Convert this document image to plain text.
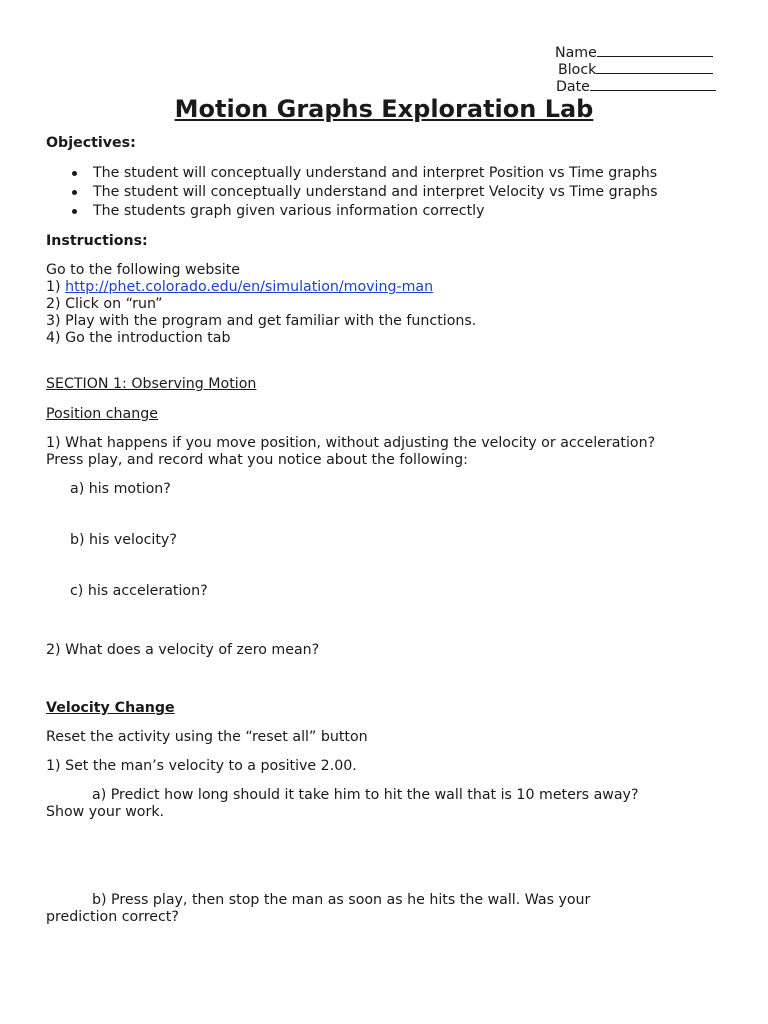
Name
Block
Date
Motion Graphs Exploration Lab
Objectives:
The student will conceptually understand and interpret Position vs Time graphs
The student will conceptually understand and interpret Velocity vs Time graphs
The students graph given various information correctly
Instructions:
Go to the following website
1) http://phet.colorado.edu/en/simulation/moving-man
2) Click on “run”
3) Play with the program and get familiar with the functions.
4) Go the introduction tab
SECTION 1: Observing Motion
Position change
1) What happens if you move position, without adjusting the velocity or acceleration?
Press play, and record what you notice about the following:
a) his motion?
b) his velocity?
c) his acceleration?
2) What does a velocity of zero mean?
Velocity Change
Reset the activity using the “reset all” button
1) Set the man’s velocity to a positive 2.00.
a) Predict how long should it take him to hit the wall that is 10 meters away?
Show your work.
b) Press play, then stop the man as soon as he hits the wall. Was your
prediction correct?
